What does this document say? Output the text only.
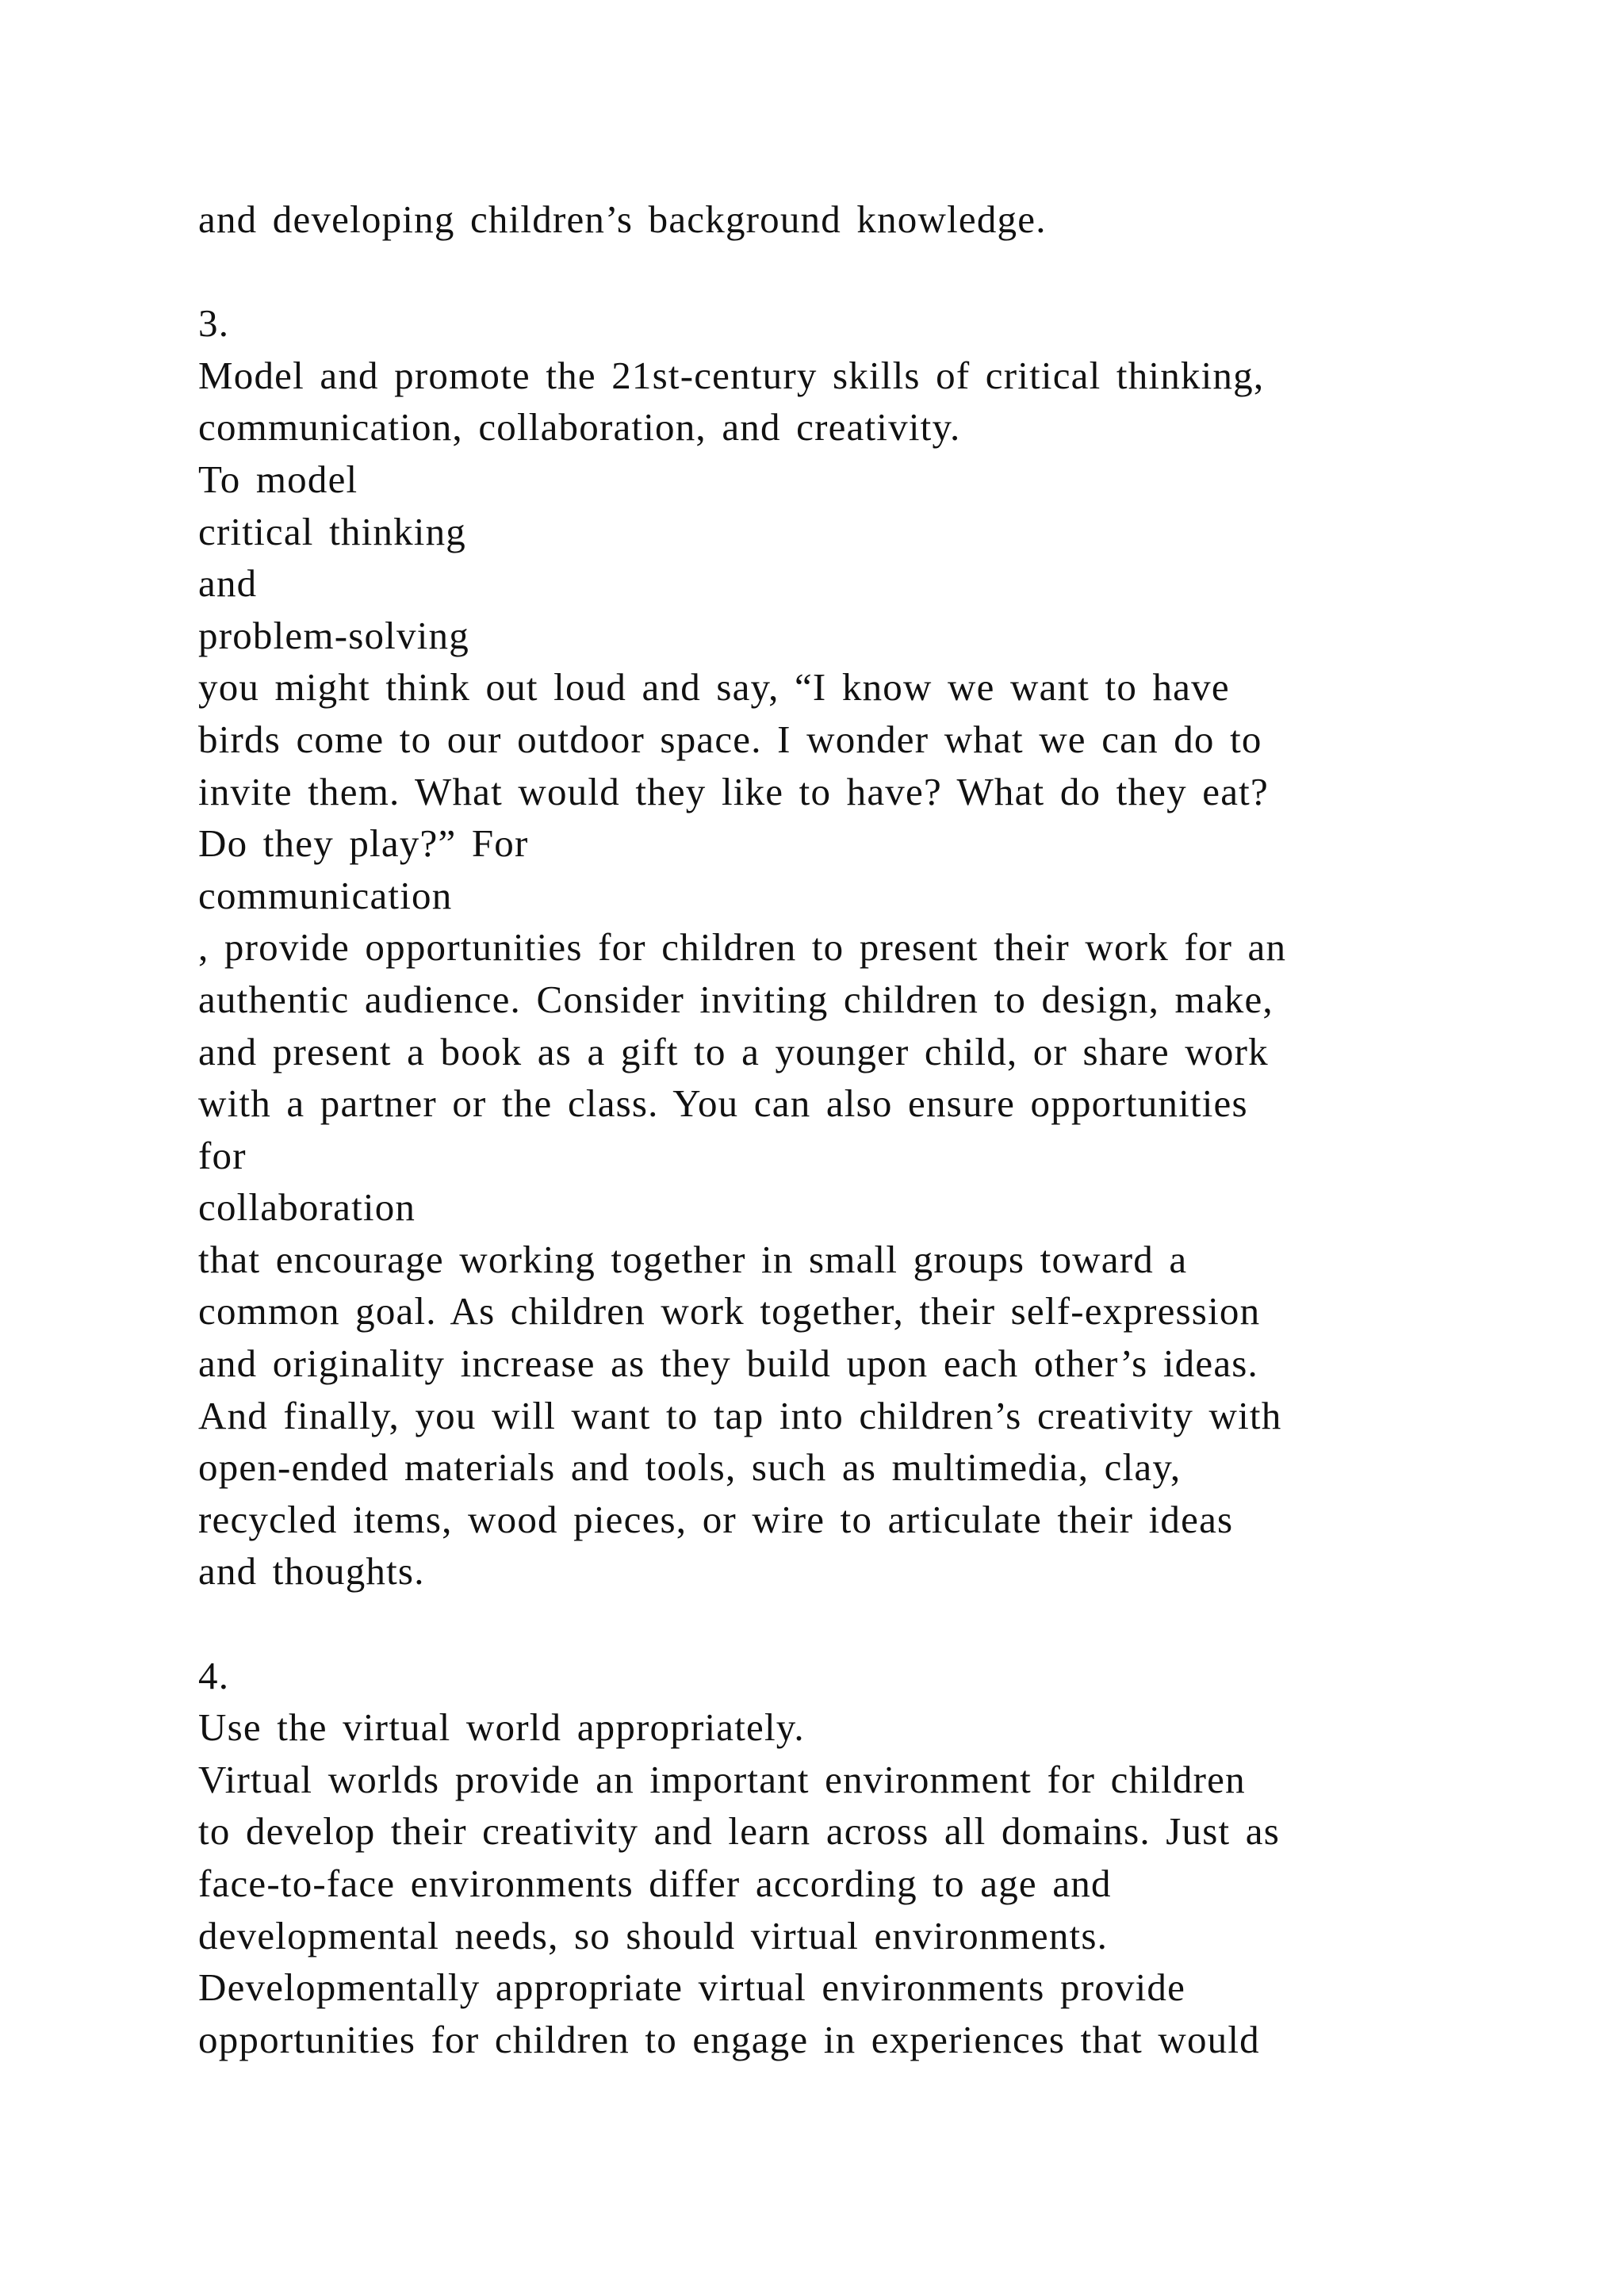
and developing children’s background knowledge.
3.
Model and promote the 21st-century skills of critical thinking,
communication, collaboration, and creativity.
To model
critical thinking
and
problem-solving
you might think out loud and say, “I know we want to have
birds come to our outdoor space. I wonder what we can do to
invite them. What would they like to have? What do they eat?
Do they play?” For
communication
, provide opportunities for children to present their work for an
authentic audience. Consider inviting children to design, make,
and present a book as a gift to a younger child, or share work
with a partner or the class. You can also ensure opportunities
for
collaboration
that encourage working together in small groups toward a
common goal. As children work together, their self-expression
and originality increase as they build upon each other’s ideas.
And finally, you will want to tap into children’s creativity with
open-ended materials and tools, such as multimedia, clay,
recycled items, wood pieces, or wire to articulate their ideas
and thoughts.
4.
Use the virtual world appropriately.
Virtual worlds provide an important environment for children
to develop their creativity and learn across all domains. Just as
face-to-face environments differ according to age and
developmental needs, so should virtual environments.
Developmentally appropriate virtual environments provide
opportunities for children to engage in experiences that would
